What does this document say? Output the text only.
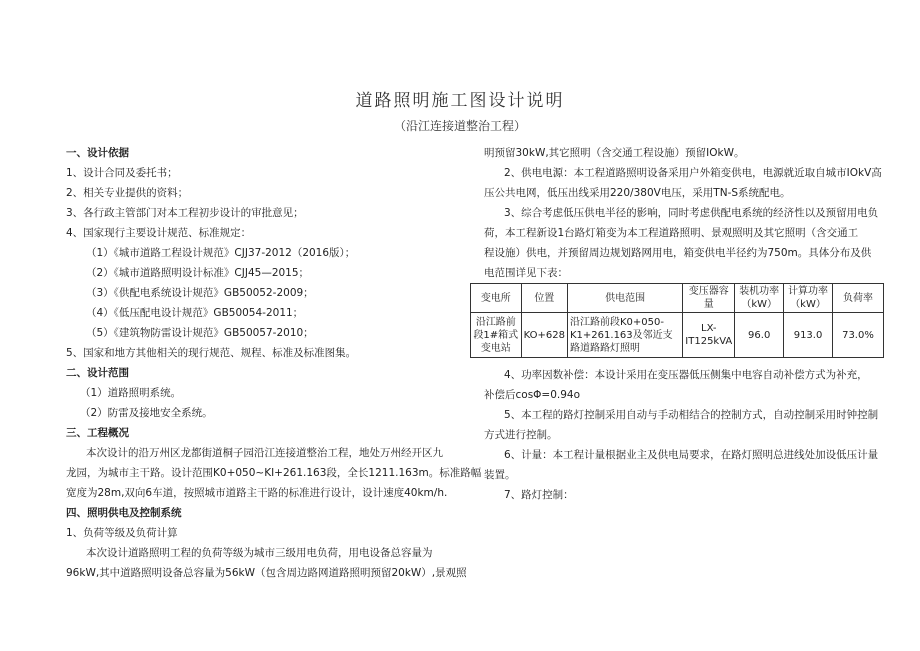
道路照明施工图设计说明
（沿江连接道整治工程）
一、设计依据
1、设计合同及委托书；
2、相关专业提供的资料；
3、各行政主管部门对本工程初步设计的审批意见；
4、国家现行主要设计规范、标准规定：
（1）《城市道路工程设计规范》CJJ37-2012（2016版）；
（2）《城市道路照明设计标准》CJJ45—2015；
（3）《供配电系统设计规范》GB50052-2009；
（4）《低压配电设计规范》GB50054-2011；
（5）《建筑物防雷设计规范》GB50057-2010；
5、国家和地方其他相关的现行规范、规程、标准及标准图集。
二、设计范围
（1）道路照明系统。
（2）防雷及接地安全系统。
三、工程概况
本次设计的沿万州区龙都街道桐子园沿江连接道整治工程，地处万州经开区九
龙园，为城市主干路。设计范围K0+050~KI+261.163段，全长1211.163m。标准路幅
宽度为28m,双向6车道，按照城市道路主干路的标准进行设计，设计速度40km/h.
四、照明供电及控制系统
1、负荷等级及负荷计算
本次设计道路照明工程的负荷等级为城市三级用电负荷，用电设备总容量为
96kW,其中道路照明设备总容量为56kW（包含周边路网道路照明预留20kW）,景观照
明预留30kW,其它照明（含交通工程设施）预留IOkW。
2、供电电源：本工程道路照明设备采用户外箱变供电，电源就近取自城市IOkV高
压公共电网，低压出线采用220/380V电压，采用TN-S系统配电。
3、综合考虑低压供电半径的影响，同时考虑供配电系统的经济性以及预留用电负
荷，本工程新设1台路灯箱变为本工程道路照明、景观照明及其它照明（含交通工
程设施）供电，并预留周边规划路网用电，箱变供电半径约为750m。具体分布及供
电范围详见下表：
变电所	位置	供电范围	变压器容量	装机功率（kW）	计算功率（kW）	负荷率
沿江路前段1#箱式变电站	KO+628	沿江路前段K0+050-K1+261.163及邻近支路道路路灯照明	LX-IT125kVA	96.0	913.0	73.0%
4、功率因数补偿：本设计采用在变压器低压侧集中电容自动补偿方式为补充，
补偿后cosΦ=0.94o
5、本工程的路灯控制采用自动与手动相结合的控制方式，自动控制采用时钟控制
方式进行控制。
6、计量：本工程计量根据业主及供电局要求，在路灯照明总进线处加设低压计量
装置。
7、路灯控制：
